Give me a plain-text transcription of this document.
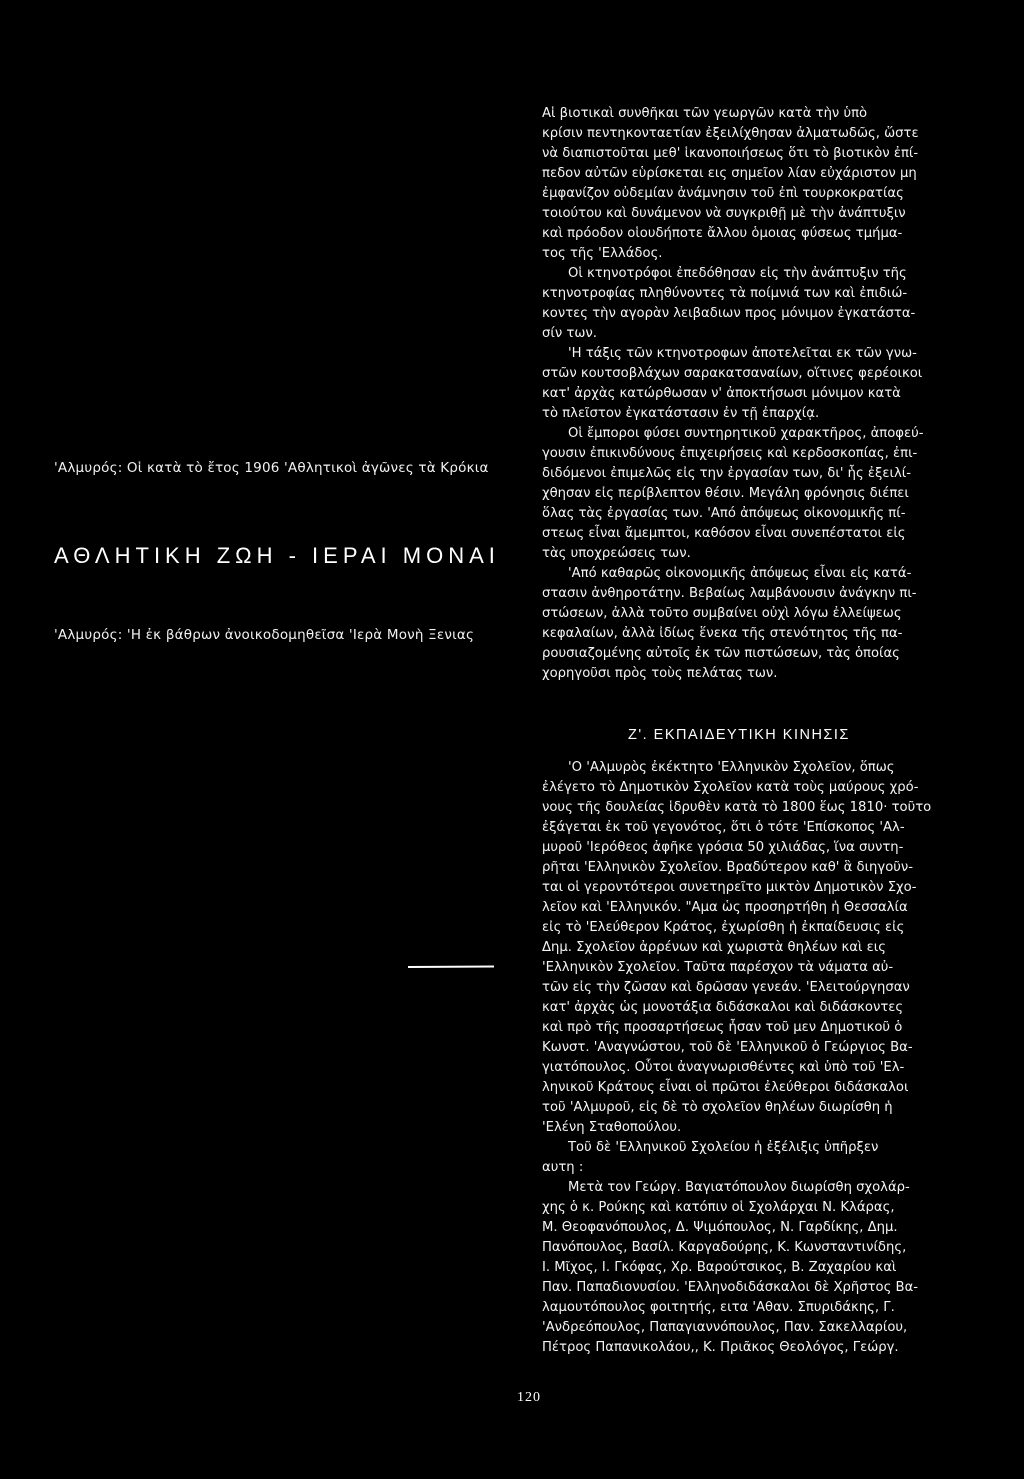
'Αλμυρός: Οἱ κατὰ τὸ ἔτος 1906 'Αθλητικοὶ ἀγῶνες τὰ Κρόκια
ΑΘΛΗΤΙΚΗ ΖΩΗ - ΙΕΡΑΙ ΜΟΝΑΙ
'Αλμυρός: 'Η ἐκ βάθρων ἀνοικοδομηθεῖσα 'Ιερὰ Μονὴ Ξενιας
Αἱ βιοτικαὶ συνθῆκαι τῶν γεωργῶν κατὰ τὴν ὑπὸ
κρίσιν πεντηκονταετίαν ἐξειλίχθησαν ἀλματωδῶς, ὥστε
νὰ διαπιστοῦται μεθ' ἱκανοποιήσεως ὅτι τὸ βιοτικὸν ἐπί-
πεδον αὐτῶν εὑρίσκεται εις σημεῖον λίαν εὐχάριστον μη
ἐμφανίζον οὐδεμίαν ἀνάμνησιν τοῦ ἐπὶ τουρκοκρατίας
τοιούτου καὶ δυνάμενον νὰ συγκριθῇ μὲ τὴν ἀνάπτυξιν
καὶ πρόοδον οἱουδήποτε ἄλλου ὁμοιας φύσεως τμήμα-
τος τῆς 'Ελλάδος.
Οἱ κτηνοτρόφοι ἐπεδόθησαν εἰς τὴν ἀνάπτυξιν τῆς
κτηνοτροφίας πληθύνοντες τὰ ποίμνιά των καὶ ἐπιδιώ-
κοντες τὴν αγορὰν λειβαδιων προς μόνιμον ἐγκατάστα-
σίν των.
'Η τάξις τῶν κτηνοτροφων ἀποτελεῖται εκ τῶν γνω-
στῶν κουτσοβλάχων σαρακατσαναίων, οἵτινες φερέοικοι
κατ' ἀρχὰς κατώρθωσαν ν' ἀποκτήσωσι μόνιμον κατὰ
τὸ πλεῖστον ἐγκατάστασιν ἐν τῇ ἐπαρχίᾳ.
Οἱ ἔμποροι φύσει συντηρητικοῦ χαρακτῆρος, ἀποφεύ-
γουσιν ἐπικινδύνους ἐπιχειρήσεις καὶ κερδοσκοπίας, ἐπι-
διδόμενοι ἐπιμελῶς εἰς την ἐργασίαν των, δι' ἧς ἐξειλί-
χθησαν εἰς περίβλεπτον θέσιν. Μεγάλη φρόνησις διέπει
ὅλας τὰς ἐργασίας των. 'Από ἀπόψεως οἰκονομικῆς πί-
στεως εἶναι ἄμεμπτοι, καθόσον εἶναι συνεπέστατοι εἰς
τὰς υποχρεώσεις των.
'Από καθαρῶς οἰκονομικῆς ἀπόψεως εἶναι εἰς κατά-
στασιν ἀνθηροτάτην. Βεβαίως λαμβάνουσιν ἀνάγκην πι-
στώσεων, ἀλλὰ τοῦτο συμβαίνει οὐχὶ λόγω ἐλλείψεως
κεφαλαίων, ἀλλὰ ἰδίως ἕνεκα τῆς στενότητος τῆς πα-
ρουσιαζομένης αὐτοῖς ἐκ τῶν πιστώσεων, τὰς ὁποίας
χορηγοῦσι πρὸς τοὺς πελάτας των.
Ζ'. ΕΚΠΑΙΔΕΥΤΙΚΗ ΚΙΝΗΣΙΣ
'Ο 'Αλμυρὸς ἐκέκτητο 'Ελληνικὸν Σχολεῖον, ὅπως
ἐλέγετο τὸ Δημοτικὸν Σχολεῖον κατὰ τοὺς μαύρους χρό-
νους τῆς δουλείας ἱδρυθὲν κατὰ τὸ 1800 ἕως 1810· τοῦτο
ἐξάγεται ἐκ τοῦ γεγονότος, ὅτι ὁ τότε 'Επίσκοπος 'Αλ-
μυροῦ 'Ιερόθεος ἀφῆκε γρόσια 50 χιλιάδας, ἵνα συντη-
ρῆται 'Ελληνικὸν Σχολεῖον. Βραδύτερον καθ' ἃ διηγοῦν-
ται οἱ γεροντότεροι συνετηρεῖτο μικτὸν Δημοτικὸν Σχο-
λεῖον καὶ 'Ελληνικόν. "Αμα ὡς προσηρτήθη ἡ Θεσσαλία
εἰς τὸ 'Ελεύθερον Κράτος, ἐχωρίσθη ἡ ἐκπαίδευσις εἰς
Δημ. Σχολεῖον ἀρρένων καὶ χωριστὰ θηλέων καὶ εις
'Ελληνικὸν Σχολεῖον. Ταῦτα παρέσχον τὰ νάματα αὐ-
τῶν εἰς τὴν ζῶσαν καὶ δρῶσαν γενεάν. 'Ελειτούργησαν
κατ' ἀρχὰς ὡς μονοτάξια διδάσκαλοι καὶ διδάσκοντες
καὶ πρὸ τῆς προσαρτήσεως ἦσαν τοῦ μεν Δημοτικοῦ ὁ
Κωνστ. 'Αναγνώστου, τοῦ δὲ 'Ελληνικοῦ ὁ Γεώργιος Βα-
γιατόπουλος. Οὗτοι ἀναγνωρισθέντες καὶ ὑπὸ τοῦ 'Ελ-
ληνικοῦ Κράτους εἶναι οἱ πρῶτοι ἐλεύθεροι διδάσκαλοι
τοῦ 'Αλμυροῦ, εἰς δὲ τὸ σχολεῖον θηλέων διωρίσθη ἡ
'Ελένη Σταθοπούλου.
Τοῦ δὲ 'Ελληνικοῦ Σχολείου ἡ ἐξέλιξις ὑπῆρξεν
αυτη :
Μετὰ τον Γεώργ. Βαγιατόπουλον διωρίσθη σχολάρ-
χης ὁ κ. Ρούκης καὶ κατόπιν οἱ Σχολάρχαι Ν. Κλάρας,
Μ. Θεοφανόπουλος, Δ. Ψιμόπουλος, Ν. Γαρδίκης, Δημ.
Πανόπουλος, Βασίλ. Καργαδούρης, Κ. Κωνσταντινίδης,
Ι. Μῖχος, Ι. Γκόφας, Χρ. Βαρούτσικος, Β. Ζαχαρίου καὶ
Παν. Παπαδιονυσίου. 'Ελληνοδιδάσκαλοι δὲ Χρῆστος Βα-
λαμουτόπουλος φοιτητής, ειτα 'Αθαν. Σπυριδάκης, Γ.
'Ανδρεόπουλος, Παπαγιαννόπουλος, Παν. Σακελλαρίου,
Πέτρος Παπανικολάου,, Κ. Πριᾶκος Θεολόγος, Γεώργ.
120
